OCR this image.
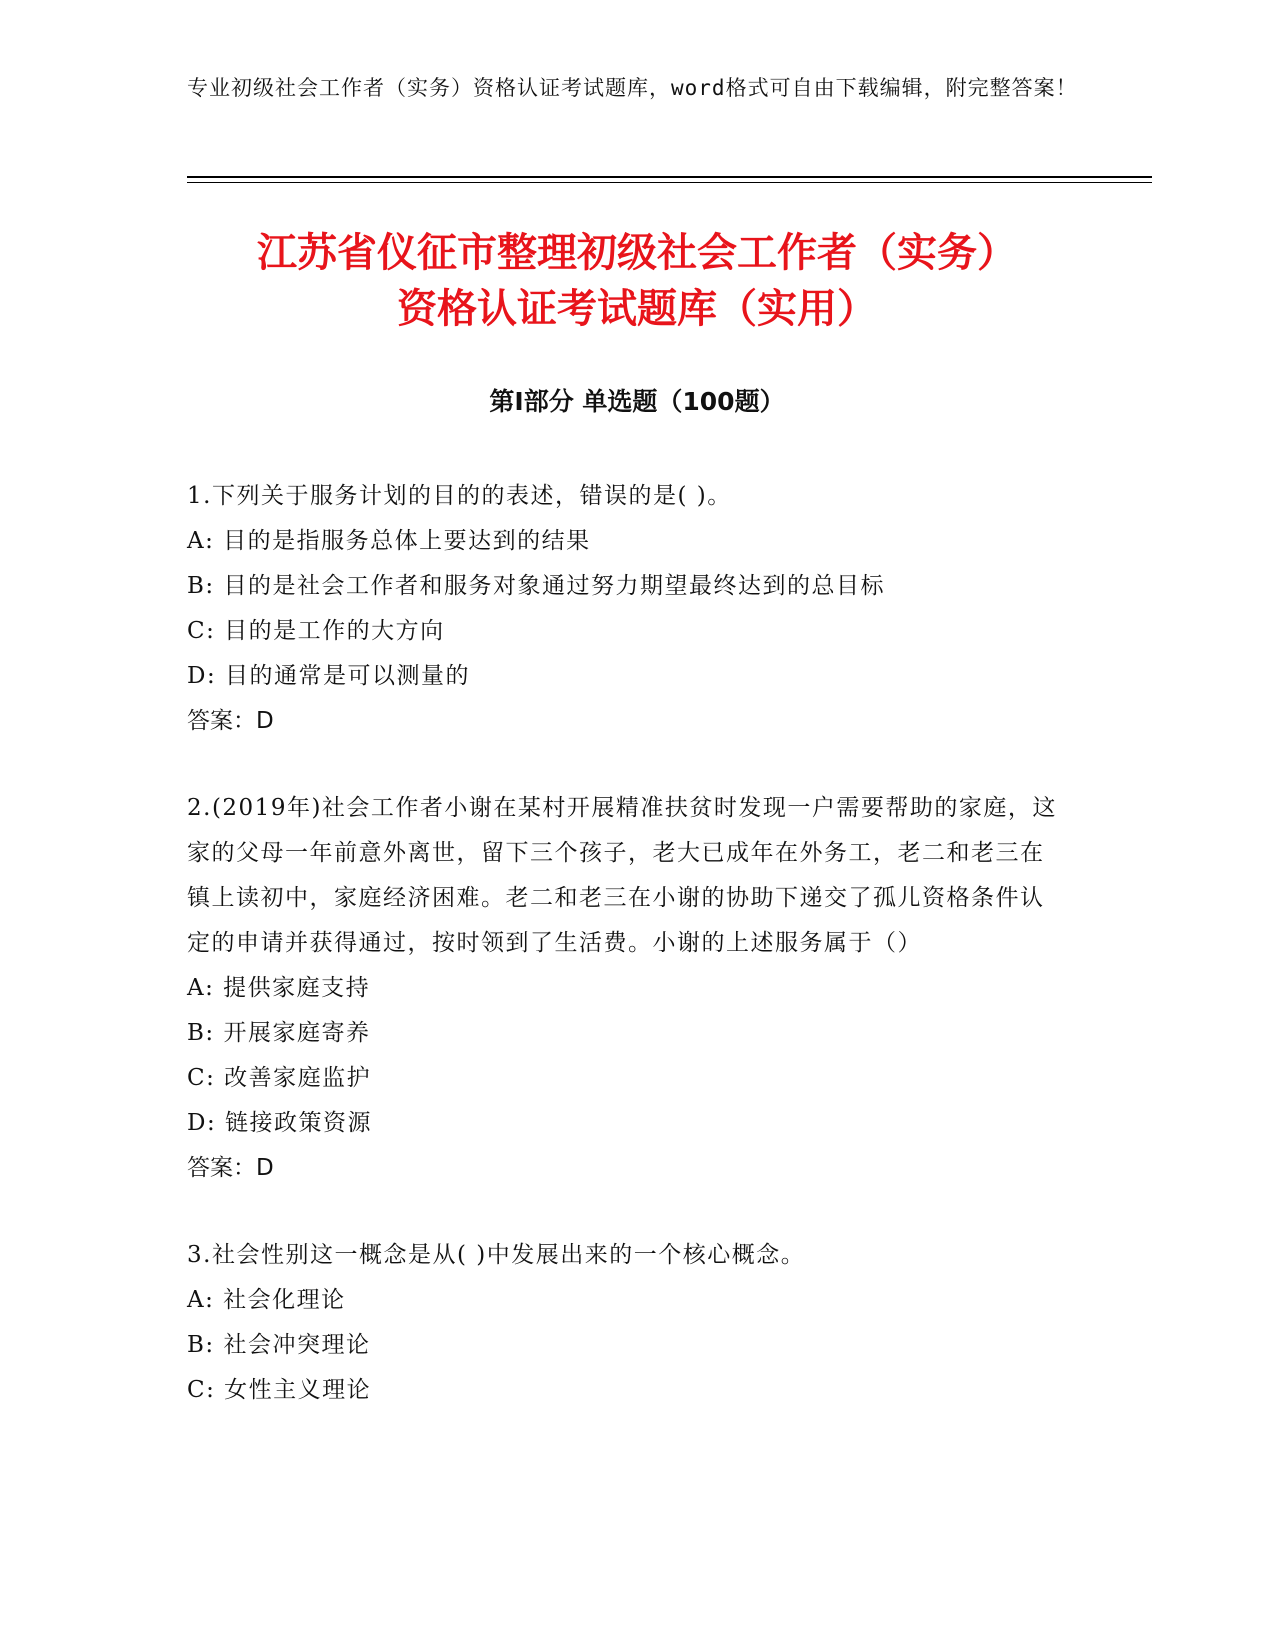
专业初级社会工作者（实务）资格认证考试题库，word格式可自由下载编辑，附完整答案！
江苏省仪征市整理初级社会工作者（实务）
资格认证考试题库（实用）
第I部分 单选题（100题）

1.下列关于服务计划的目的的表述，错误的是( )。

A: 目的是指服务总体上要达到的结果

B: 目的是社会工作者和服务对象通过努力期望最终达到的总目标

C: 目的是工作的大方向

D: 目的通常是可以测量的

答案：D

2.(2019年)社会工作者小谢在某村开展精准扶贫时发现一户需要帮助的家庭，这家的父母一年前意外离世，留下三个孩子，老大已成年在外务工，老二和老三在镇上读初中，家庭经济困难。老二和老三在小谢的协助下递交了孤儿资格条件认定的申请并获得通过，按时领到了生活费。小谢的上述服务属于（）

A: 提供家庭支持

B: 开展家庭寄养

C: 改善家庭监护

D: 链接政策资源

答案：D

3.社会性别这一概念是从( )中发展出来的一个核心概念。

A: 社会化理论

B: 社会冲突理论

C: 女性主义理论
